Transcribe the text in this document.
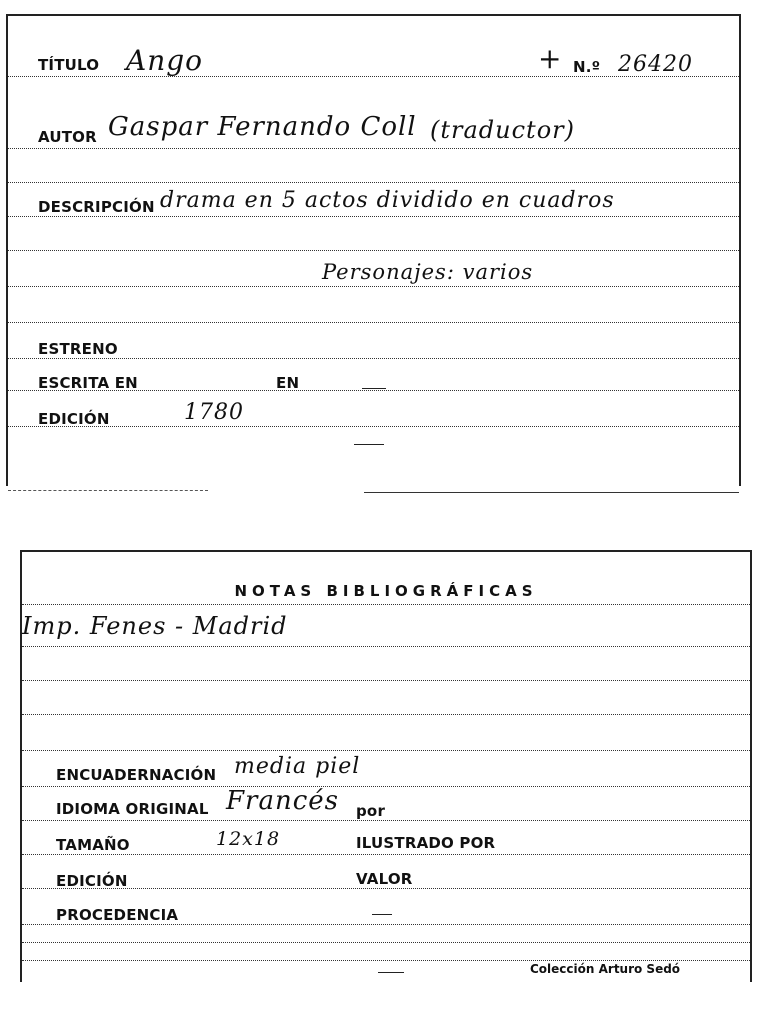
TÍTULO Ango	+ N.º 26420
AUTOR Gaspar Fernando Coll (traductor)
DESCRIPCIÓN drama en 5 actos dividido en cuadros
Personajes: varios
ESTRENO
ESCRITA EN	EN
EDICIÓN	1780
NOTAS BIBLIOGRÁFICAS
Imp. Fenes - Madrid
ENCUADERNACIÓN media piel
IDIOMA ORIGINAL Francés por
TAMAÑO	12x18	ILUSTRADO POR
EDICIÓN	VALOR
PROCEDENCIA
Colección Arturo Sedó
